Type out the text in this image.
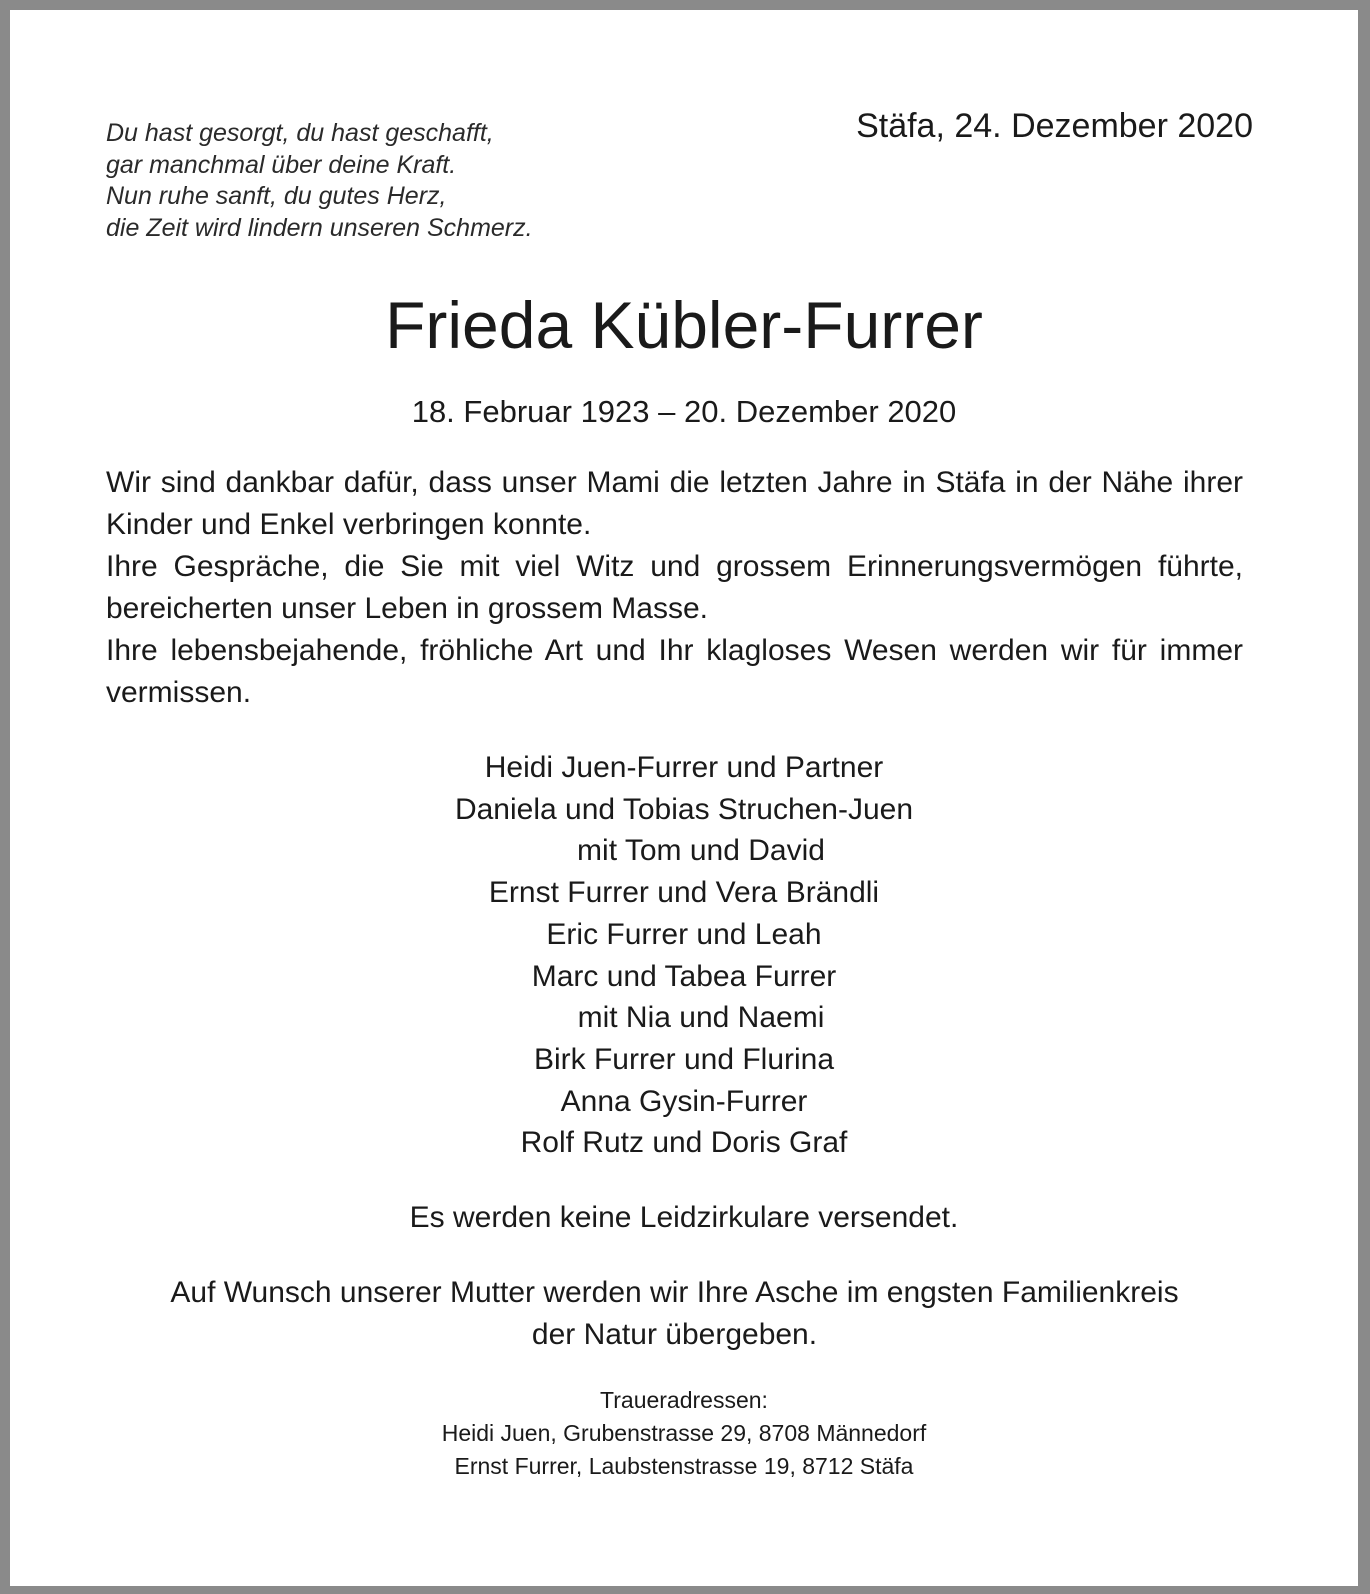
Du hast gesorgt, du hast geschafft,
gar manchmal über deine Kraft.
Nun ruhe sanft, du gutes Herz,
die Zeit wird lindern unseren Schmerz.
Stäfa, 24. Dezember 2020
Frieda Kübler-Furrer
18. Februar 1923 – 20. Dezember 2020

Wir sind dankbar dafür, dass unser Mami die letzten Jahre in Stäfa in der Nähe ihrer Kinder und Enkel verbringen konnte.

Ihre Gespräche, die Sie mit viel Witz und grossem Erinnerungsvermögen führte, bereicherten unser Leben in grossem Masse.

Ihre lebensbejahende, fröhliche Art und Ihr klagloses Wesen werden wir für immer vermissen.

Heidi Juen-Furrer und Partner
Daniela und Tobias Struchen-Juen
mit Tom und David
Ernst Furrer und Vera Brändli
Eric Furrer und Leah
Marc und Tabea Furrer
mit Nia und Naemi
Birk Furrer und Flurina
Anna Gysin-Furrer
Rolf Rutz und Doris Graf
Es werden keine Leidzirkulare versendet.
Auf Wunsch unserer Mutter werden wir Ihre Asche im engsten Familienkreis
der Natur übergeben.
Traueradressen:
Heidi Juen, Grubenstrasse 29, 8708 Männedorf
Ernst Furrer, Laubstenstrasse 19, 8712 Stäfa
